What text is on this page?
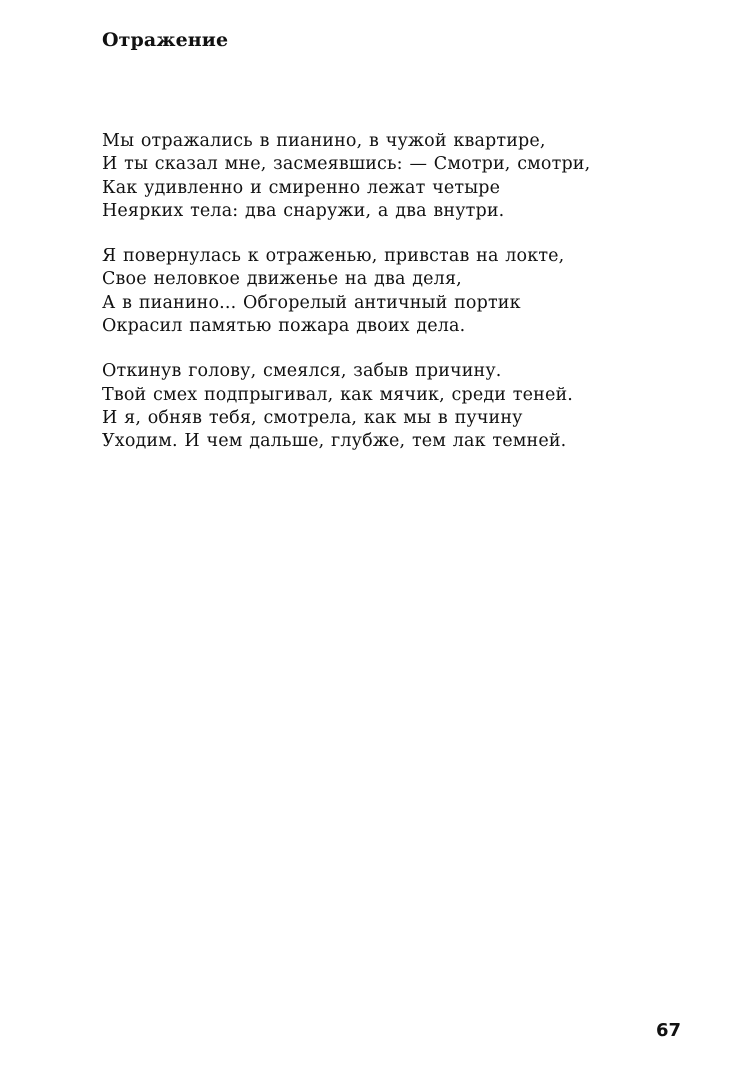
Отражение
Мы отражались в пианино, в чужой квартире,
И ты сказал мне, засмеявшись: — Смотри, смотри,
Как удивленно и смиренно лежат четыре
Неярких тела: два снаружи, а два внутри.
Я повернулась к отраженью, привстав на локте,
Свое неловкое движенье на два деля,
А в пианино... Обгорелый античный портик
Окрасил памятью пожара двоих дела.
Откинув голову, смеялся, забыв причину.
Твой смех подпрыгивал, как мячик, среди теней.
И я, обняв тебя, смотрела, как мы в пучину
Уходим. И чем дальше, глубже, тем лак темней.
67
